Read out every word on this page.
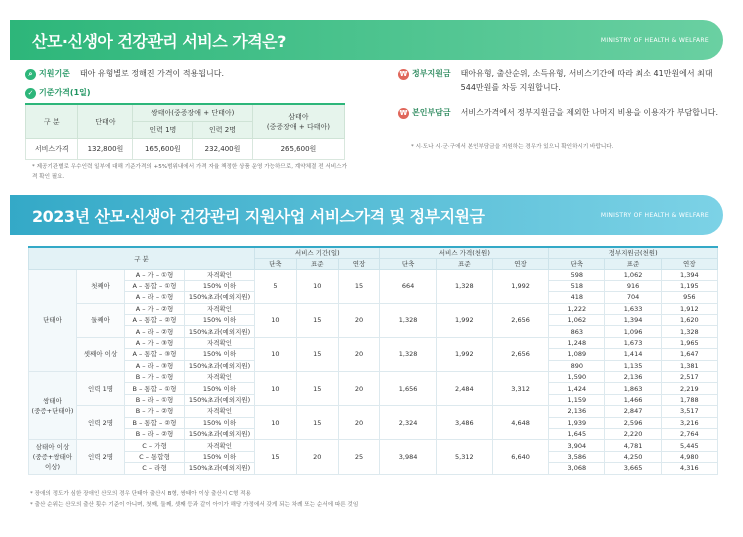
산모·신생아 건강관리 서비스 가격은?	MINISTRY OF HEALTH & WELFARE
⌕ 지원기준 태아 유형별로 정해진 가격이 적용됩니다.
✓ 기준가격(1일)
구 분	단태아	쌍태아(중증장애 + 단태아)		삼태아
(중증장애 + 다태아)
		인력 1명	인력 2명	
서비스가격	132,800원	165,600원	232,400원	265,600원
* 제공기관별로 우수인력 일부에 대해 기준가격의 +5%범위내에서 가격 자율 책정한 상품 운영 가능하므로, 계약체결 전 서비스가격 확인 필요.
₩ 정부지원금 태아유형, 출산순위, 소득유형, 서비스기간에 따라 최소 41만원에서 최대 544만원를 차등 지원합니다.
₩ 본인부담금 서비스가격에서 정부지원금을 제외한 나머지 비용을 이용자가 부담합니다.
* 시·도나 시·군·구에서 본인부담금을 지원하는 경우가 있으니 확인하시기 바랍니다.
2023년 산모·신생아 건강관리 지원사업 서비스가격 및 정부지원금	MINISTRY OF HEALTH & WELFARE
구 분				서비스 기간(일)			서비스 가격(천원)			정부지원금(천원)		
				단축	표준	연장	단축	표준	연장	단축	표준	연장
단태아	첫째아	A – 가 – ①형	자격확인	5	10	15	664	1,328	1,992	598	1,062	1,394
		A – 통합 – ①형	150% 이하							518	916	1,195
		A – 라 – ①형	150%초과(예외지원)							418	704	956
	둘째아	A – 가 – ②형	자격확인	10	15	20	1,328	1,992	2,656	1,222	1,633	1,912
		A – 통합 – ②형	150% 이하							1,062	1,394	1,620
		A – 라 – ②형	150%초과(예외지원)							863	1,096	1,328
	셋째아 이상	A – 가 – ③형	자격확인	10	15	20	1,328	1,992	2,656	1,248	1,673	1,965
		A – 통합 – ③형	150% 이하							1,089	1,414	1,647
		A – 라 – ③형	150%초과(예외지원)							890	1,135	1,381
쌍태아
(중증+단태아)	인력 1명	B – 가 – ①형	자격확인	10	15	20	1,656	2,484	3,312	1,590	2,136	2,517
		B – 통합 – ①형	150% 이하							1,424	1,863	2,219
		B – 라 – ①형	150%초과(예외지원)							1,159	1,466	1,788
	인력 2명	B – 가 – ②형	자격확인	10	15	20	2,324	3,486	4,648	2,136	2,847	3,517
		B – 통합 – ②형	150% 이하							1,939	2,596	3,216
		B – 라 – ②형	150%초과(예외지원)							1,645	2,220	2,764
삼태아 이상
(중증+쌍태아
이상)	인력 2명	C – 가형	자격확인	15	20	25	3,984	5,312	6,640	3,904	4,781	5,445
		C – 통합형	150% 이하							3,586	4,250	4,980
		C – 라형	150%초과(예외지원)							3,068	3,665	4,316
* 장애의 정도가 심한 장애인 산모의 경우 단태아 출산시 B형, 쌍태아 이상 출산시 C형 적용
* 출산 순위는 산모의 출산 횟수 기준이 아니며, 첫째, 둘째, 셋째 등과 같이 아이가 해당 가정에서 갖게 되는 차례 또는 순서에 따른 것임
